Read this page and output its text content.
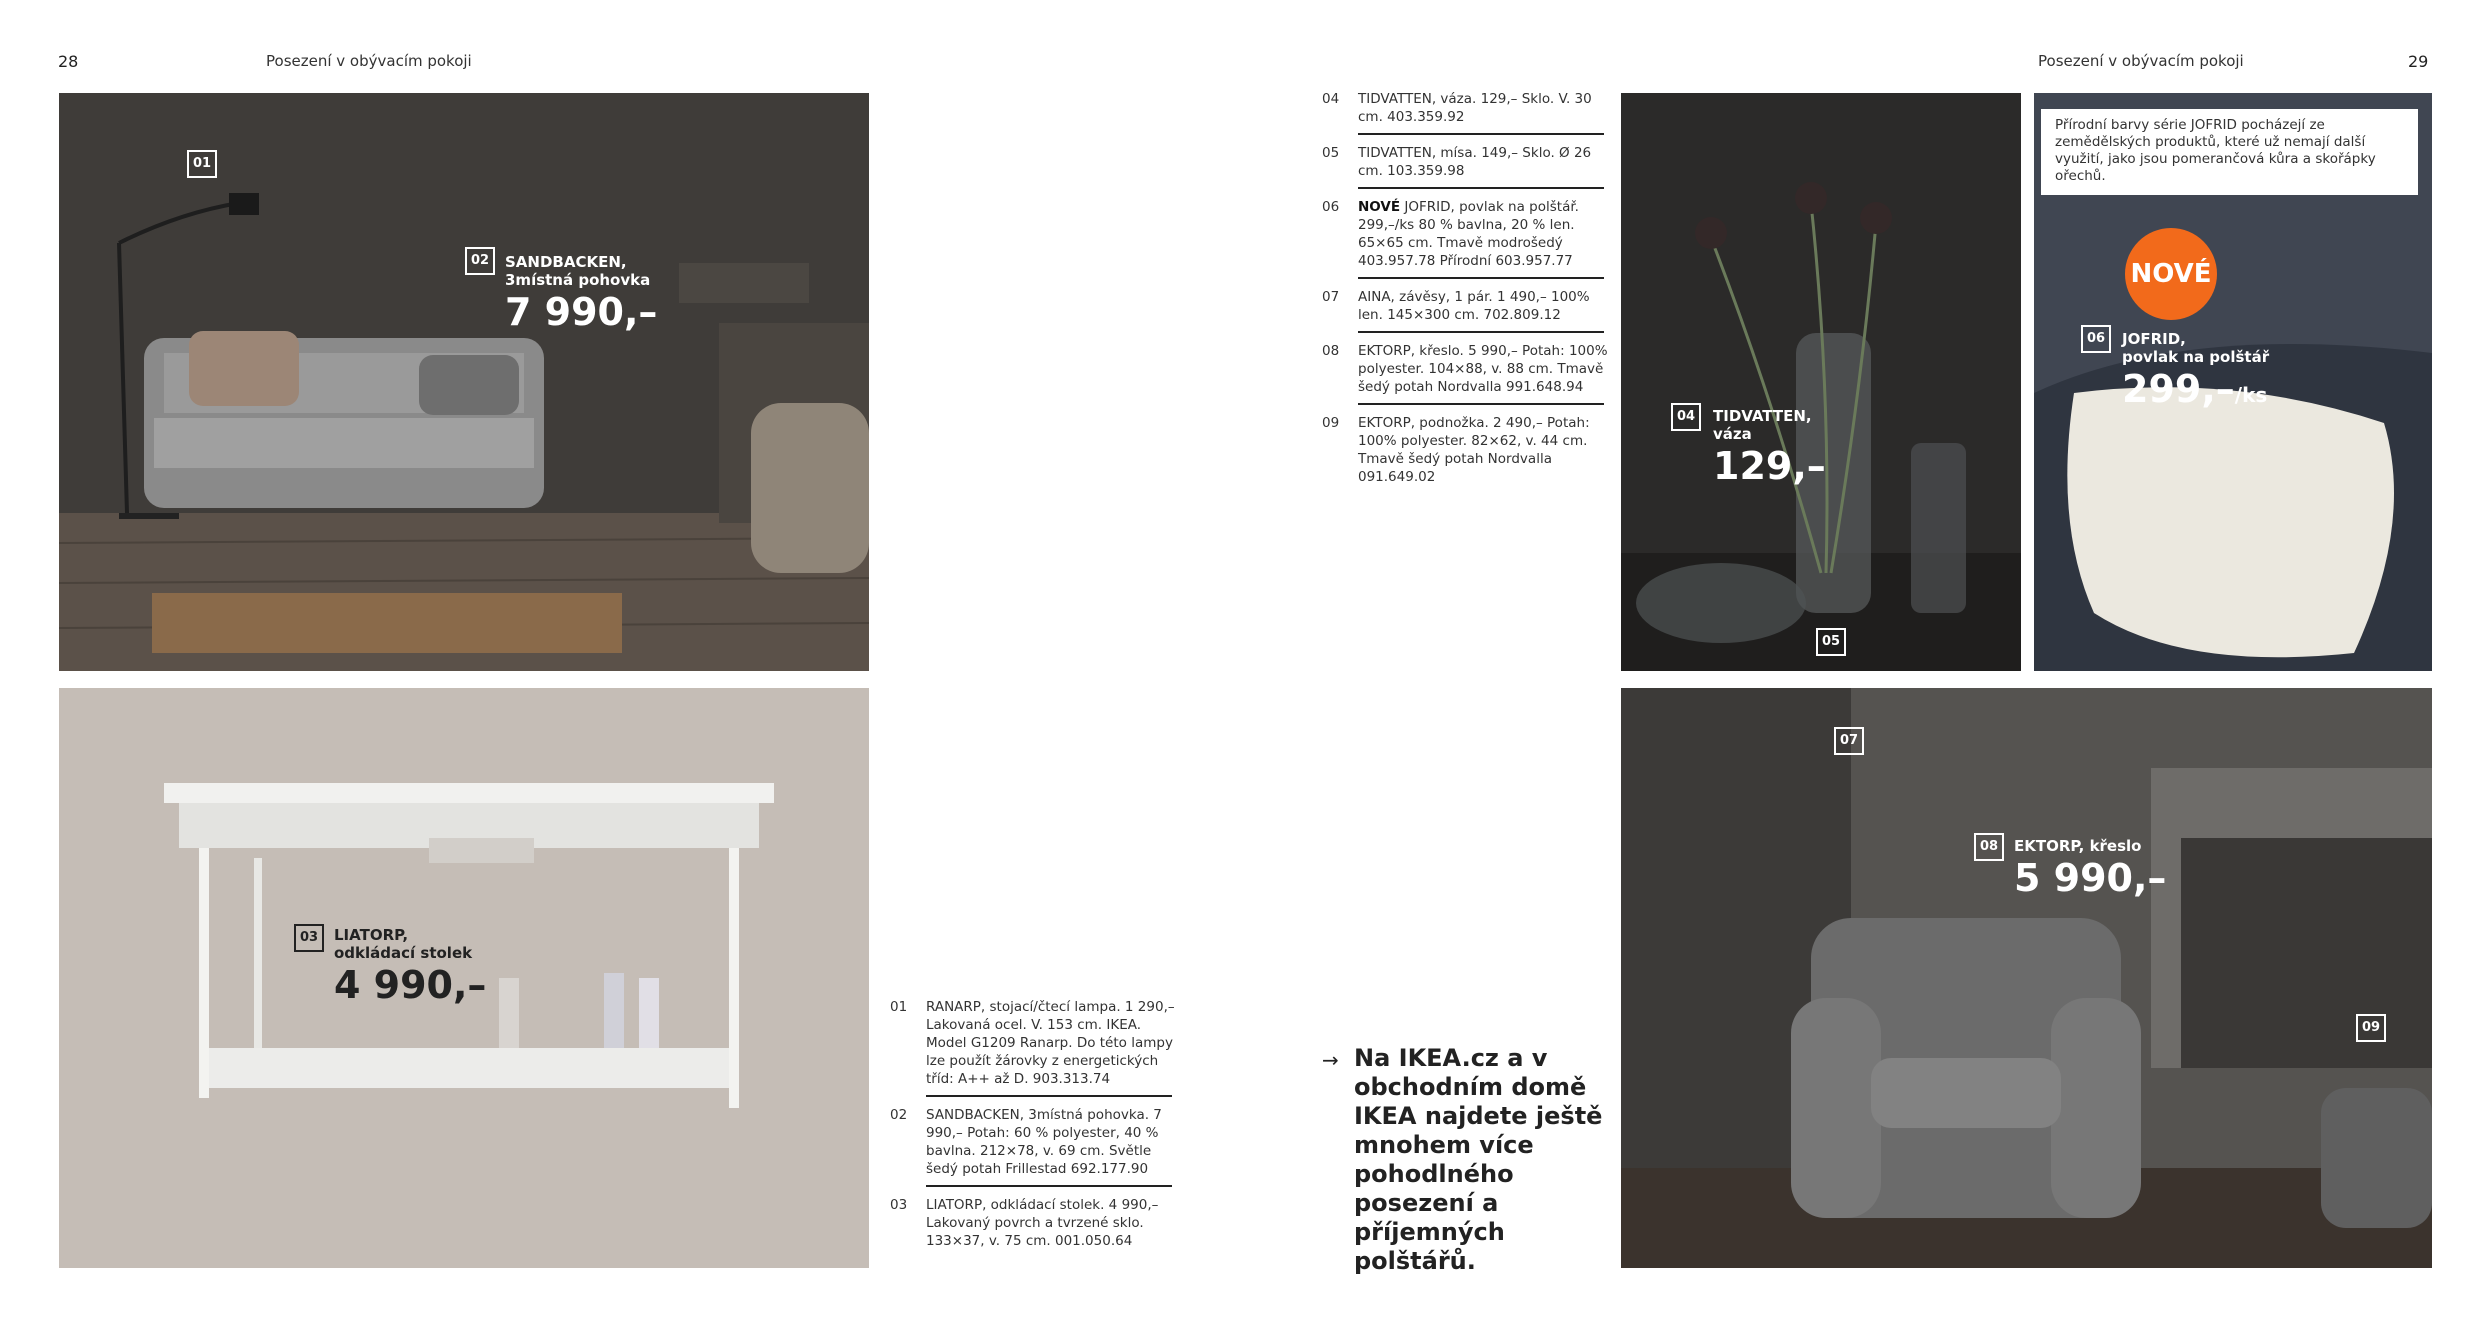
28	Posezení v obývacím pokoji	Posezení v obývacím pokoji	29
01
02	SANDBACKEN,
3místná pohovka
7 990,–
03	LIATORP,
odkládací stolek
4 990,–	01	RANARP, stojací/čtecí lampa. 1 290,– Lakovaná ocel. V. 153 cm. IKEA. Model G1209 Ranarp. Do této lampy lze použít žárovky z energetických tříd: A++ až D. 903.313.74
02	SANDBACKEN, 3místná pohovka. 7 990,– Potah: 60 % polyester, 40 % bavlna. 212×78, v. 69 cm. Světle šedý potah Frillestad 692.177.90
03	LIATORP, odkládací stolek. 4 990,– Lakovaný povrch a tvrzené sklo. 133×37, v. 75 cm. 001.050.64
04	TIDVATTEN, váza. 129,– Sklo. V. 30 cm. 403.359.92
05	TIDVATTEN, mísa. 149,– Sklo. Ø 26 cm. 103.359.98
06	NOVÉ JOFRID, povlak na polštář. 299,–/ks 80 % bavlna, 20 % len. 65×65 cm. Tmavě modrošedý 403.957.78 Přírodní 603.957.77
07	AINA, závěsy, 1 pár. 1 490,– 100% len. 145×300 cm. 702.809.12
08	EKTORP, křeslo. 5 990,– Potah: 100% polyester. 104×88, v. 88 cm. Tmavě šedý potah Nordvalla 991.648.94
09	EKTORP, podnožka. 2 490,– Potah: 100% polyester. 82×62, v. 44 cm. Tmavě šedý potah Nordvalla 091.649.02
→ Na IKEA.cz a v obchodním domě IKEA najdete ještě mnohem více pohodlného posezení a příjemných polštářů.
04	TIDVATTEN,
váza
129,–
05
06	JOFRID,
povlak na polštář
299,–/ks
Přírodní barvy série JOFRID pocházejí ze zemědělských produktů, které už nemají další využití, jako jsou pomerančová kůra a skořápky ořechů.
NOVÉ
07
08	EKTORP, křeslo
5 990,–
09
